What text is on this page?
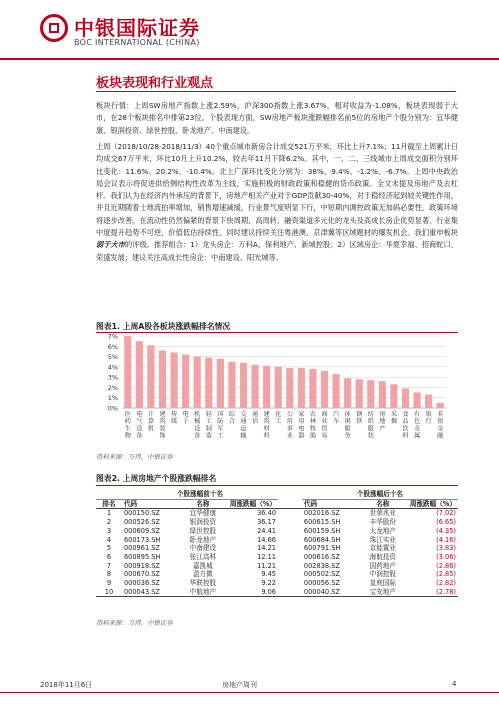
中银国际证券
BOC INTERNATIONAL (CHINA)
板块表现和行业观点

板块行情：上周SW房地产指数上涨2.59%，沪深300指数上涨3.67%，相对收益为-1.08%，板块表现弱于大市，在28个板块排名中排第23位。个股表现方面，SW房地产板块涨跌幅排名前5位的房地产个股分别为：宜华健康、银润投资、绿世控股、卧龙地产、中南建设。

上周（2018/10/28-2018/11/3）40个重点城市新房合计成交521万平米，环比上升7.1%；11月截至上周累计日均成交67万平米，环比10月上升10.2%，较去年11月下降6.2%。其中，一、二、三线城市上周成交面积分别环比变化：11.6%、20.2%、-10.4%。北上广深环比变化分别为：38%、9.4%、-1.2%、-6.7%。上周中央政治局会议表示将促进供给侧结构性改革为主线，实施积极的财政政策和稳健的货币政策。全文未提及房地产及去杠杆。我们认为在经济内外承压的背景下，房地产相关产业对于GDP贡献30-40%，对于稳经济起到较关键性作用，并且近期随着土地流拍率增加，销售增速减缓，行业景气度明显下行，中短期内调控政策无加码必要性，政策环境将逐步改善。在流动性仍然偏紧的背景下快周期、高周转、融资渠道多元化的龙头及高成长房企优势显著。行业集中度提升趋势不可逆，价值低估持续性。同时建议持续关注粤港澳、京津冀等区域题材的爆发机会。我们重申板块弱于大市的评级。推荐组合：1）龙头房企：万科A、保利地产、新城控股；2）区域房企：华夏幸福、招商蛇口、荣盛发展；建议关注高成长性房企：中南建设、阳光城等。

图表1. 上周A股各板块涨跌幅排名情况
0%
1%
2%
3%
4%
5%
6%
7%
医药生物
电气设备
计算机
建筑装饰
传媒
电子
机械设备
轻工制造
国防军工
综合
交通运输
通信
建筑材料
化工
公用事业
家用电器
农林牧渔
商业贸易
汽车
休闲服务
钢铁
纺织服装
房地产
采掘
食品饮料
有色金属
银行
非银金融
资料来源：万得，中银证券
图表2. 上周房地产个股涨跌幅排名
	个股涨幅前十名				个股涨幅后十名		
排名	代码	名称	周涨跌幅（%）		代码	名称	周涨跌幅（%）
1	000150.SZ	宜华健康	36.40		002016.SZ	世荣兆业	(7.02)
2	000526.SZ	银润投资	36.17		600615.SH	丰华股份	(6.65)
3	000609.SZ	绿世控股	24.41		600159.SH	大龙地产	(4.35)
4	600173.SH	卧龙地产	14.66		600684.SH	珠江实业	(4.16)
5	000961.SZ	中南建设	14.21		600791.SH	京能置业	(3.83)
6	600895.SH	张江高科	12.11		000616.SZ	海航投资	(3.06)
7	000918.SZ	嘉凯城	11.21		002838.SZ	国药地产	(2.86)
8	000670.SZ	盈方微	9.45		000502.SZ	中润控股	(2.85)
9	000036.SZ	华联控股	9.22		000056.SZ	皇庭国际	(2.82)
10	000043.SZ	中航地产	9.06		000040.SZ	宝安地产	(2.78)
资料来源：万得，中银证券
2018年11月6日	房地产周刊	4
